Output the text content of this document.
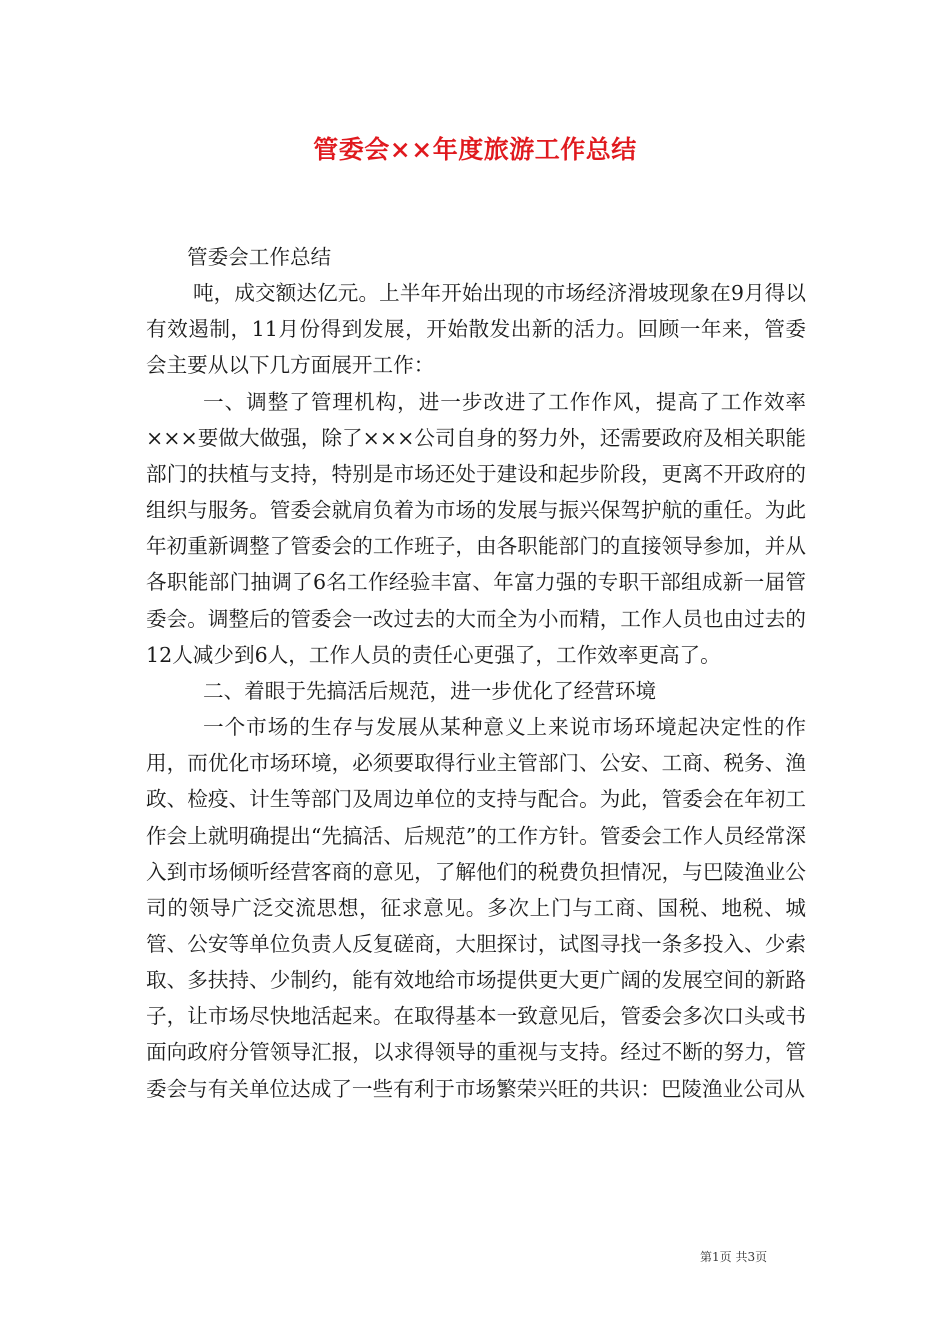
管委会××年度旅游工作总结

管委会工作总结

吨，成交额达亿元。上半年开始出现的市场经济滑坡现象在9月得以有效遏制，11月份得到发展，开始散发出新的活力。回顾一年来，管委会主要从以下几方面展开工作：

一、调整了管理机构，进一步改进了工作作风，提高了工作效率×××要做大做强，除了×××公司自身的努力外，还需要政府及相关职能部门的扶植与支持，特别是市场还处于建设和起步阶段，更离不开政府的组织与服务。管委会就肩负着为市场的发展与振兴保驾护航的重任。为此年初重新调整了管委会的工作班子，由各职能部门的直接领导参加，并从各职能部门抽调了6名工作经验丰富、年富力强的专职干部组成新一届管委会。调整后的管委会一改过去的大而全为小而精，工作人员也由过去的12人减少到6人，工作人员的责任心更强了，工作效率更高了。

二、着眼于先搞活后规范，进一步优化了经营环境

一个市场的生存与发展从某种意义上来说市场环境起决定性的作用，而优化市场环境，必须要取得行业主管部门、公安、工商、税务、渔政、检疫、计生等部门及周边单位的支持与配合。为此，管委会在年初工作会上就明确提出“先搞活、后规范”的工作方针。管委会工作人员经常深入到市场倾听经营客商的意见，了解他们的税费负担情况，与巴陵渔业公司的领导广泛交流思想，征求意见。多次上门与工商、国税、地税、城管、公安等单位负责人反复磋商，大胆探讨，试图寻找一条多投入、少索取、多扶持、少制约，能有效地给市场提供更大更广阔的发展空间的新路子，让市场尽快地活起来。在取得基本一致意见后，管委会多次口头或书面向政府分管领导汇报，以求得领导的重视与支持。经过不断的努力，管委会与有关单位达成了一些有利于市场繁荣兴旺的共识：巴陵渔业公司从

第1页 共3页
